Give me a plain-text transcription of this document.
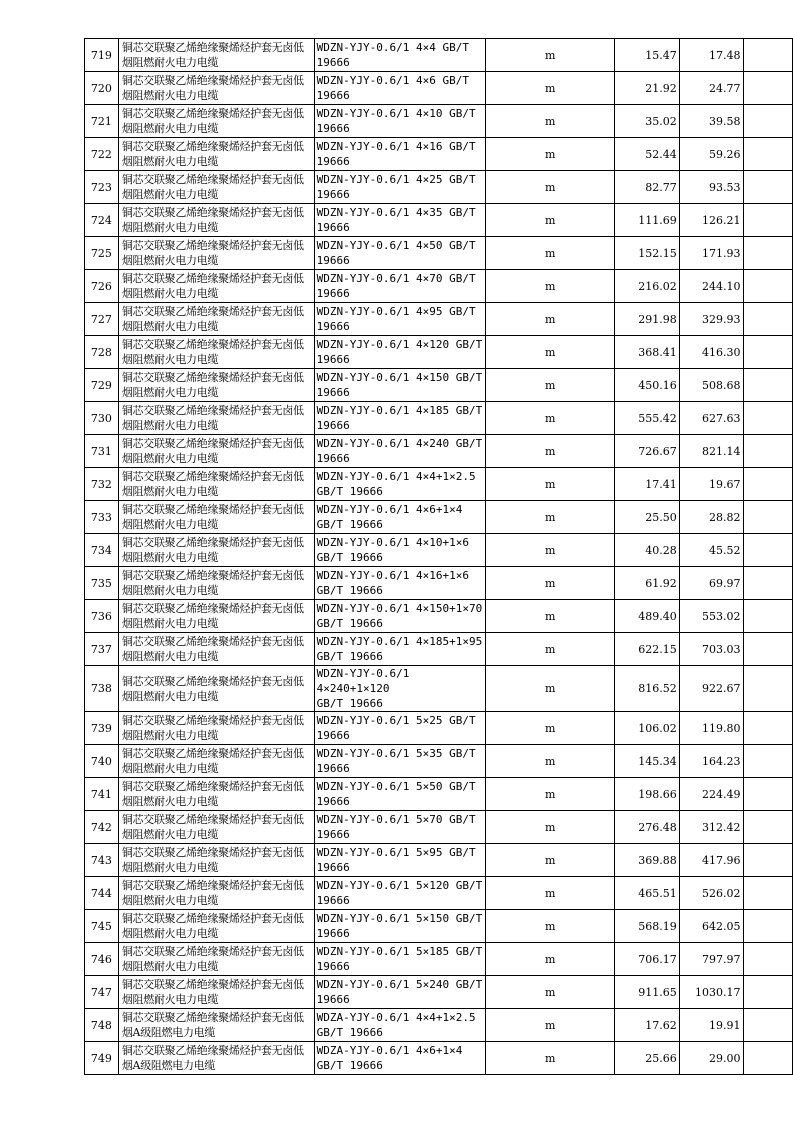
719	铜芯交联聚乙烯绝缘聚烯烃护套无卤低烟阻燃耐火电力电缆	WDZN-YJY-0.6/1 4×4 GB/T
19666	m	15.47	17.48	
720	铜芯交联聚乙烯绝缘聚烯烃护套无卤低烟阻燃耐火电力电缆	WDZN-YJY-0.6/1 4×6 GB/T
19666	m	21.92	24.77	
721	铜芯交联聚乙烯绝缘聚烯烃护套无卤低烟阻燃耐火电力电缆	WDZN-YJY-0.6/1 4×10 GB/T
19666	m	35.02	39.58	
722	铜芯交联聚乙烯绝缘聚烯烃护套无卤低烟阻燃耐火电力电缆	WDZN-YJY-0.6/1 4×16 GB/T
19666	m	52.44	59.26	
723	铜芯交联聚乙烯绝缘聚烯烃护套无卤低烟阻燃耐火电力电缆	WDZN-YJY-0.6/1 4×25 GB/T
19666	m	82.77	93.53	
724	铜芯交联聚乙烯绝缘聚烯烃护套无卤低烟阻燃耐火电力电缆	WDZN-YJY-0.6/1 4×35 GB/T
19666	m	111.69	126.21	
725	铜芯交联聚乙烯绝缘聚烯烃护套无卤低烟阻燃耐火电力电缆	WDZN-YJY-0.6/1 4×50 GB/T
19666	m	152.15	171.93	
726	铜芯交联聚乙烯绝缘聚烯烃护套无卤低烟阻燃耐火电力电缆	WDZN-YJY-0.6/1 4×70 GB/T
19666	m	216.02	244.10	
727	铜芯交联聚乙烯绝缘聚烯烃护套无卤低烟阻燃耐火电力电缆	WDZN-YJY-0.6/1 4×95 GB/T
19666	m	291.98	329.93	
728	铜芯交联聚乙烯绝缘聚烯烃护套无卤低烟阻燃耐火电力电缆	WDZN-YJY-0.6/1 4×120 GB/T
19666	m	368.41	416.30	
729	铜芯交联聚乙烯绝缘聚烯烃护套无卤低烟阻燃耐火电力电缆	WDZN-YJY-0.6/1 4×150 GB/T
19666	m	450.16	508.68	
730	铜芯交联聚乙烯绝缘聚烯烃护套无卤低烟阻燃耐火电力电缆	WDZN-YJY-0.6/1 4×185 GB/T
19666	m	555.42	627.63	
731	铜芯交联聚乙烯绝缘聚烯烃护套无卤低烟阻燃耐火电力电缆	WDZN-YJY-0.6/1 4×240 GB/T
19666	m	726.67	821.14	
732	铜芯交联聚乙烯绝缘聚烯烃护套无卤低烟阻燃耐火电力电缆	WDZN-YJY-0.6/1 4×4+1×2.5
GB/T 19666	m	17.41	19.67	
733	铜芯交联聚乙烯绝缘聚烯烃护套无卤低烟阻燃耐火电力电缆	WDZN-YJY-0.6/1 4×6+1×4
GB/T 19666	m	25.50	28.82	
734	铜芯交联聚乙烯绝缘聚烯烃护套无卤低烟阻燃耐火电力电缆	WDZN-YJY-0.6/1 4×10+1×6
GB/T 19666	m	40.28	45.52	
735	铜芯交联聚乙烯绝缘聚烯烃护套无卤低烟阻燃耐火电力电缆	WDZN-YJY-0.6/1 4×16+1×6
GB/T 19666	m	61.92	69.97	
736	铜芯交联聚乙烯绝缘聚烯烃护套无卤低烟阻燃耐火电力电缆	WDZN-YJY-0.6/1 4×150+1×70
GB/T 19666	m	489.40	553.02	
737	铜芯交联聚乙烯绝缘聚烯烃护套无卤低烟阻燃耐火电力电缆	WDZN-YJY-0.6/1 4×185+1×95
GB/T 19666	m	622.15	703.03	
738	铜芯交联聚乙烯绝缘聚烯烃护套无卤低烟阻燃耐火电力电缆	WDZN-YJY-0.6/1 4×240+1×120
GB/T 19666	m	816.52	922.67	
739	铜芯交联聚乙烯绝缘聚烯烃护套无卤低烟阻燃耐火电力电缆	WDZN-YJY-0.6/1 5×25 GB/T
19666	m	106.02	119.80	
740	铜芯交联聚乙烯绝缘聚烯烃护套无卤低烟阻燃耐火电力电缆	WDZN-YJY-0.6/1 5×35 GB/T
19666	m	145.34	164.23	
741	铜芯交联聚乙烯绝缘聚烯烃护套无卤低烟阻燃耐火电力电缆	WDZN-YJY-0.6/1 5×50 GB/T
19666	m	198.66	224.49	
742	铜芯交联聚乙烯绝缘聚烯烃护套无卤低烟阻燃耐火电力电缆	WDZN-YJY-0.6/1 5×70 GB/T
19666	m	276.48	312.42	
743	铜芯交联聚乙烯绝缘聚烯烃护套无卤低烟阻燃耐火电力电缆	WDZN-YJY-0.6/1 5×95 GB/T
19666	m	369.88	417.96	
744	铜芯交联聚乙烯绝缘聚烯烃护套无卤低烟阻燃耐火电力电缆	WDZN-YJY-0.6/1 5×120 GB/T
19666	m	465.51	526.02	
745	铜芯交联聚乙烯绝缘聚烯烃护套无卤低烟阻燃耐火电力电缆	WDZN-YJY-0.6/1 5×150 GB/T
19666	m	568.19	642.05	
746	铜芯交联聚乙烯绝缘聚烯烃护套无卤低烟阻燃耐火电力电缆	WDZN-YJY-0.6/1 5×185 GB/T
19666	m	706.17	797.97	
747	铜芯交联聚乙烯绝缘聚烯烃护套无卤低烟阻燃耐火电力电缆	WDZN-YJY-0.6/1 5×240 GB/T
19666	m	911.65	1030.17	
748	铜芯交联聚乙烯绝缘聚烯烃护套无卤低烟A级阻燃电力电缆	WDZA-YJY-0.6/1 4×4+1×2.5
GB/T 19666	m	17.62	19.91	
749	铜芯交联聚乙烯绝缘聚烯烃护套无卤低烟A级阻燃电力电缆	WDZA-YJY-0.6/1 4×6+1×4
GB/T 19666	m	25.66	29.00	
